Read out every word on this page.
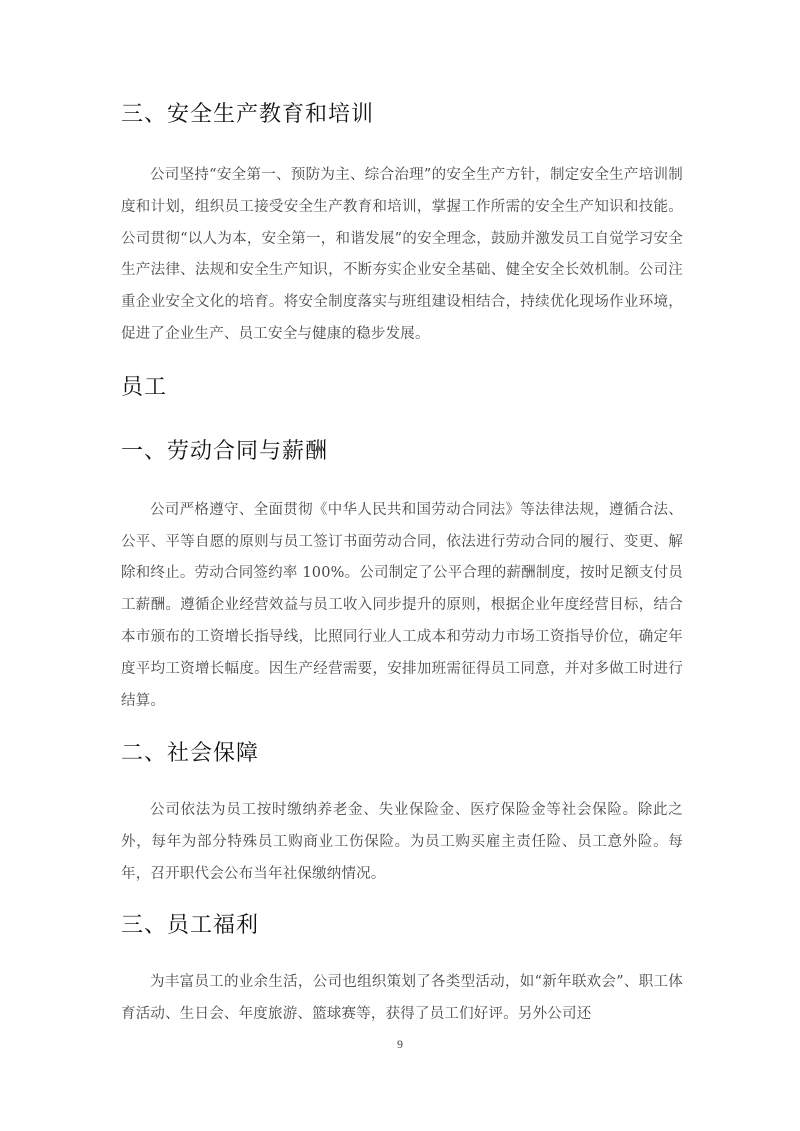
三、安全生产教育和培训

公司坚持“安全第一、预防为主、综合治理”的安全生产方针，制定安全生产培训制度和计划，组织员工接受安全生产教育和培训，掌握工作所需的安全生产知识和技能。公司贯彻“以人为本，安全第一，和谐发展”的安全理念，鼓励并激发员工自觉学习安全生产法律、法规和安全生产知识，不断夯实企业安全基础、健全安全长效机制。公司注重企业安全文化的培育。将安全制度落实与班组建设相结合，持续优化现场作业环境，促进了企业生产、员工安全与健康的稳步发展。

员工
一、劳动合同与薪酬

公司严格遵守、全面贯彻《中华人民共和国劳动合同法》等法律法规，遵循合法、公平、平等自愿的原则与员工签订书面劳动合同，依法进行劳动合同的履行、变更、解除和终止。劳动合同签约率 100%。公司制定了公平合理的薪酬制度，按时足额支付员工薪酬。遵循企业经营效益与员工收入同步提升的原则，根据企业年度经营目标，结合本市颁布的工资增长指导线，比照同行业人工成本和劳动力市场工资指导价位，确定年度平均工资增长幅度。因生产经营需要，安排加班需征得员工同意，并对多做工时进行结算。

二、社会保障

公司依法为员工按时缴纳养老金、失业保险金、医疗保险金等社会保险。除此之外，每年为部分特殊员工购商业工伤保险。为员工购买雇主责任险、员工意外险。每年，召开职代会公布当年社保缴纳情况。

三、员工福利

为丰富员工的业余生活，公司也组织策划了各类型活动，如“新年联欢会”、职工体育活动、生日会、年度旅游、篮球赛等，获得了员工们好评。另外公司还

9
